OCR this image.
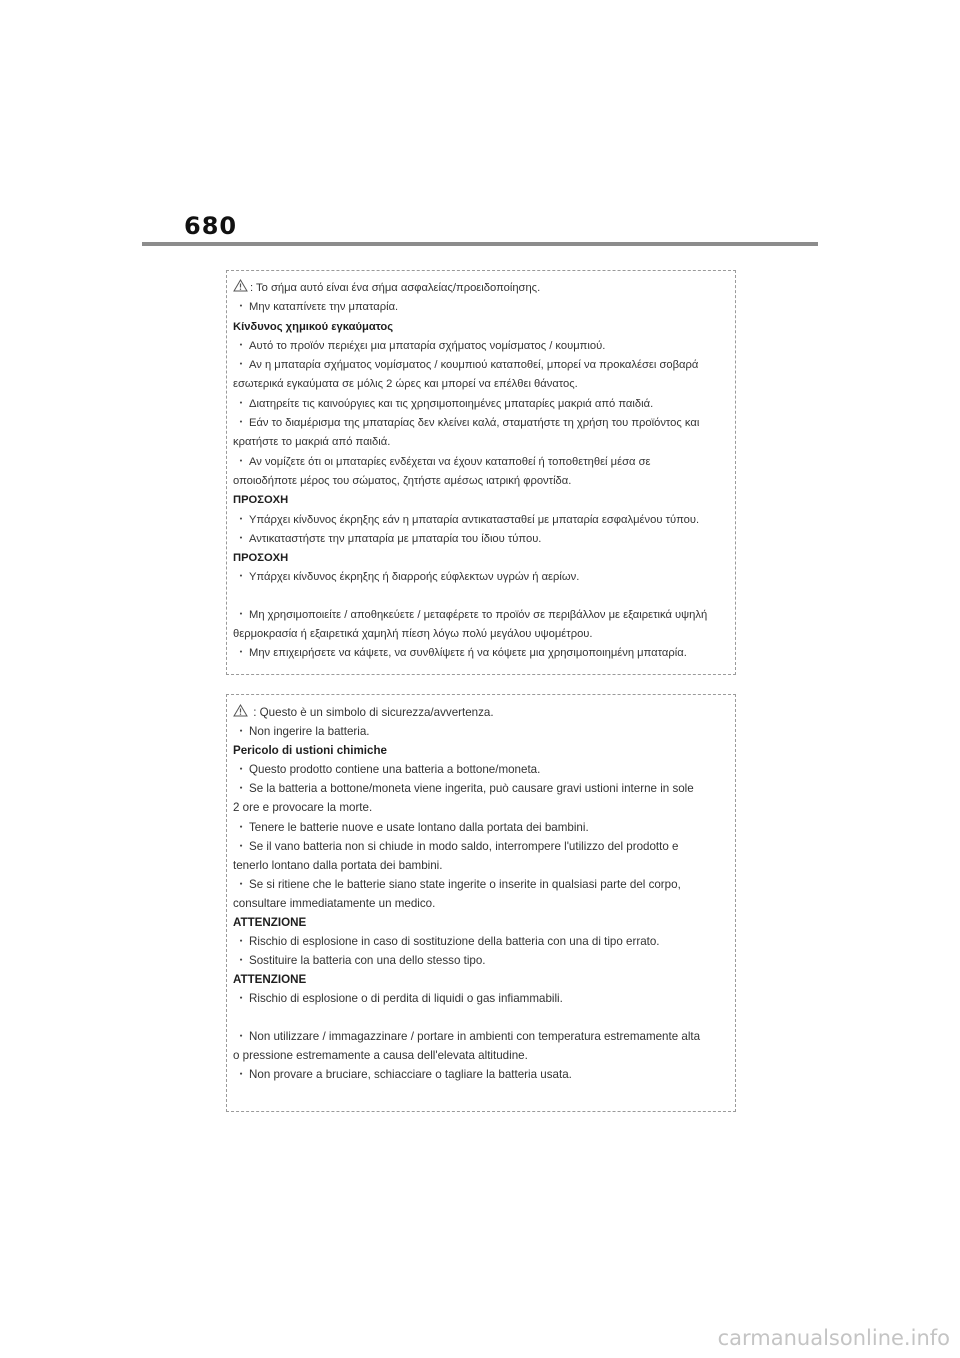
680
: Το σήμα αυτό είναι ένα σήμα ασφαλείας/προειδοποίησης.
・ Μην καταπίνετε την μπαταρία.
Κίνδυνος χημικού εγκαύματος
・ Αυτό το προϊόν περιέχει μια μπαταρία σχήματος νομίσματος / κουμπιού.
・ Αν η μπαταρία σχήματος νομίσματος / κουμπιού καταποθεί, μπορεί να προκαλέσει σοβαρά
εσωτερικά εγκαύματα σε μόλις 2 ώρες και μπορεί να επέλθει θάνατος.
・ Διατηρείτε τις καινούργιες και τις χρησιμοποιημένες μπαταρίες μακριά από παιδιά.
・ Εάν το διαμέρισμα της μπαταρίας δεν κλείνει καλά, σταματήστε τη χρήση του προϊόντος και
κρατήστε το μακριά από παιδιά.
・ Αν νομίζετε ότι οι μπαταρίες ενδέχεται να έχουν καταποθεί ή τοποθετηθεί μέσα σε
οποιοδήποτε μέρος του σώματος, ζητήστε αμέσως ιατρική φροντίδα.
ΠΡΟΣΟΧΗ
・ Υπάρχει κίνδυνος έκρηξης εάν η μπαταρία αντικατασταθεί με μπαταρία εσφαλμένου τύπου.
・ Αντικαταστήστε την μπαταρία με μπαταρία του ίδιου τύπου.
ΠΡΟΣΟΧΗ
・ Υπάρχει κίνδυνος έκρηξης ή διαρροής εύφλεκτων υγρών ή αερίων.
・ Μη χρησιμοποιείτε / αποθηκεύετε / μεταφέρετε το προϊόν σε περιβάλλον με εξαιρετικά υψηλή
θερμοκρασία ή εξαιρετικά χαμηλή πίεση λόγω πολύ μεγάλου υψομέτρου.
・ Μην επιχειρήσετε να κάψετε, να συνθλίψετε ή να κόψετε μια χρησιμοποιημένη μπαταρία.
: Questo è un simbolo di sicurezza/avvertenza.
・ Non ingerire la batteria.
Pericolo di ustioni chimiche
・ Questo prodotto contiene una batteria a bottone/moneta.
・ Se la batteria a bottone/moneta viene ingerita, può causare gravi ustioni interne in sole
2 ore e provocare la morte.
・ Tenere le batterie nuove e usate lontano dalla portata dei bambini.
・ Se il vano batteria non si chiude in modo saldo, interrompere l'utilizzo del prodotto e
tenerlo lontano dalla portata dei bambini.
・ Se si ritiene che le batterie siano state ingerite o inserite in qualsiasi parte del corpo,
consultare immediatamente un medico.
ATTENZIONE
・ Rischio di esplosione in caso di sostituzione della batteria con una di tipo errato.
・ Sostituire la batteria con una dello stesso tipo.
ATTENZIONE
・ Rischio di esplosione o di perdita di liquidi o gas infiammabili.
・ Non utilizzare / immagazzinare / portare in ambienti con temperatura estremamente alta
o pressione estremamente a causa dell'elevata altitudine.
・ Non provare a bruciare, schiacciare o tagliare la batteria usata.
carmanualsonline.info
